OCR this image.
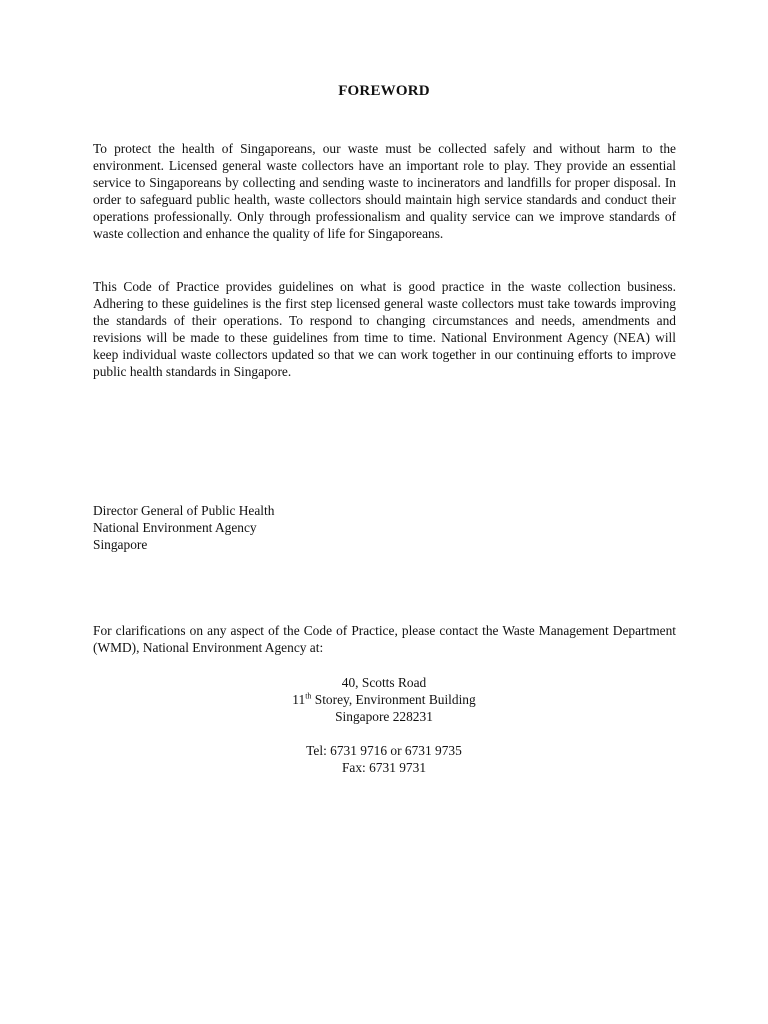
FOREWORD

To protect the health of Singaporeans, our waste must be collected safely and without harm to the environment. Licensed general waste collectors have an important role to play. They provide an essential service to Singaporeans by collecting and sending waste to incinerators and landfills for proper disposal. In order to safeguard public health, waste collectors should maintain high service standards and conduct their operations professionally. Only through professionalism and quality service can we improve standards of waste collection and enhance the quality of life for Singaporeans.

This Code of Practice provides guidelines on what is good practice in the waste collection business. Adhering to these guidelines is the first step licensed general waste collectors must take towards improving the standards of their operations. To respond to changing circumstances and needs, amendments and revisions will be made to these guidelines from time to time. National Environment Agency (NEA) will keep individual waste collectors updated so that we can work together in our continuing efforts to improve public health standards in Singapore.

Director General of Public Health
National Environment Agency
Singapore

For clarifications on any aspect of the Code of Practice, please contact the Waste Management Department (WMD), National Environment Agency at:

40, Scotts Road
11th Storey, Environment Building
Singapore 228231
Tel: 6731 9716 or 6731 9735
Fax: 6731 9731
